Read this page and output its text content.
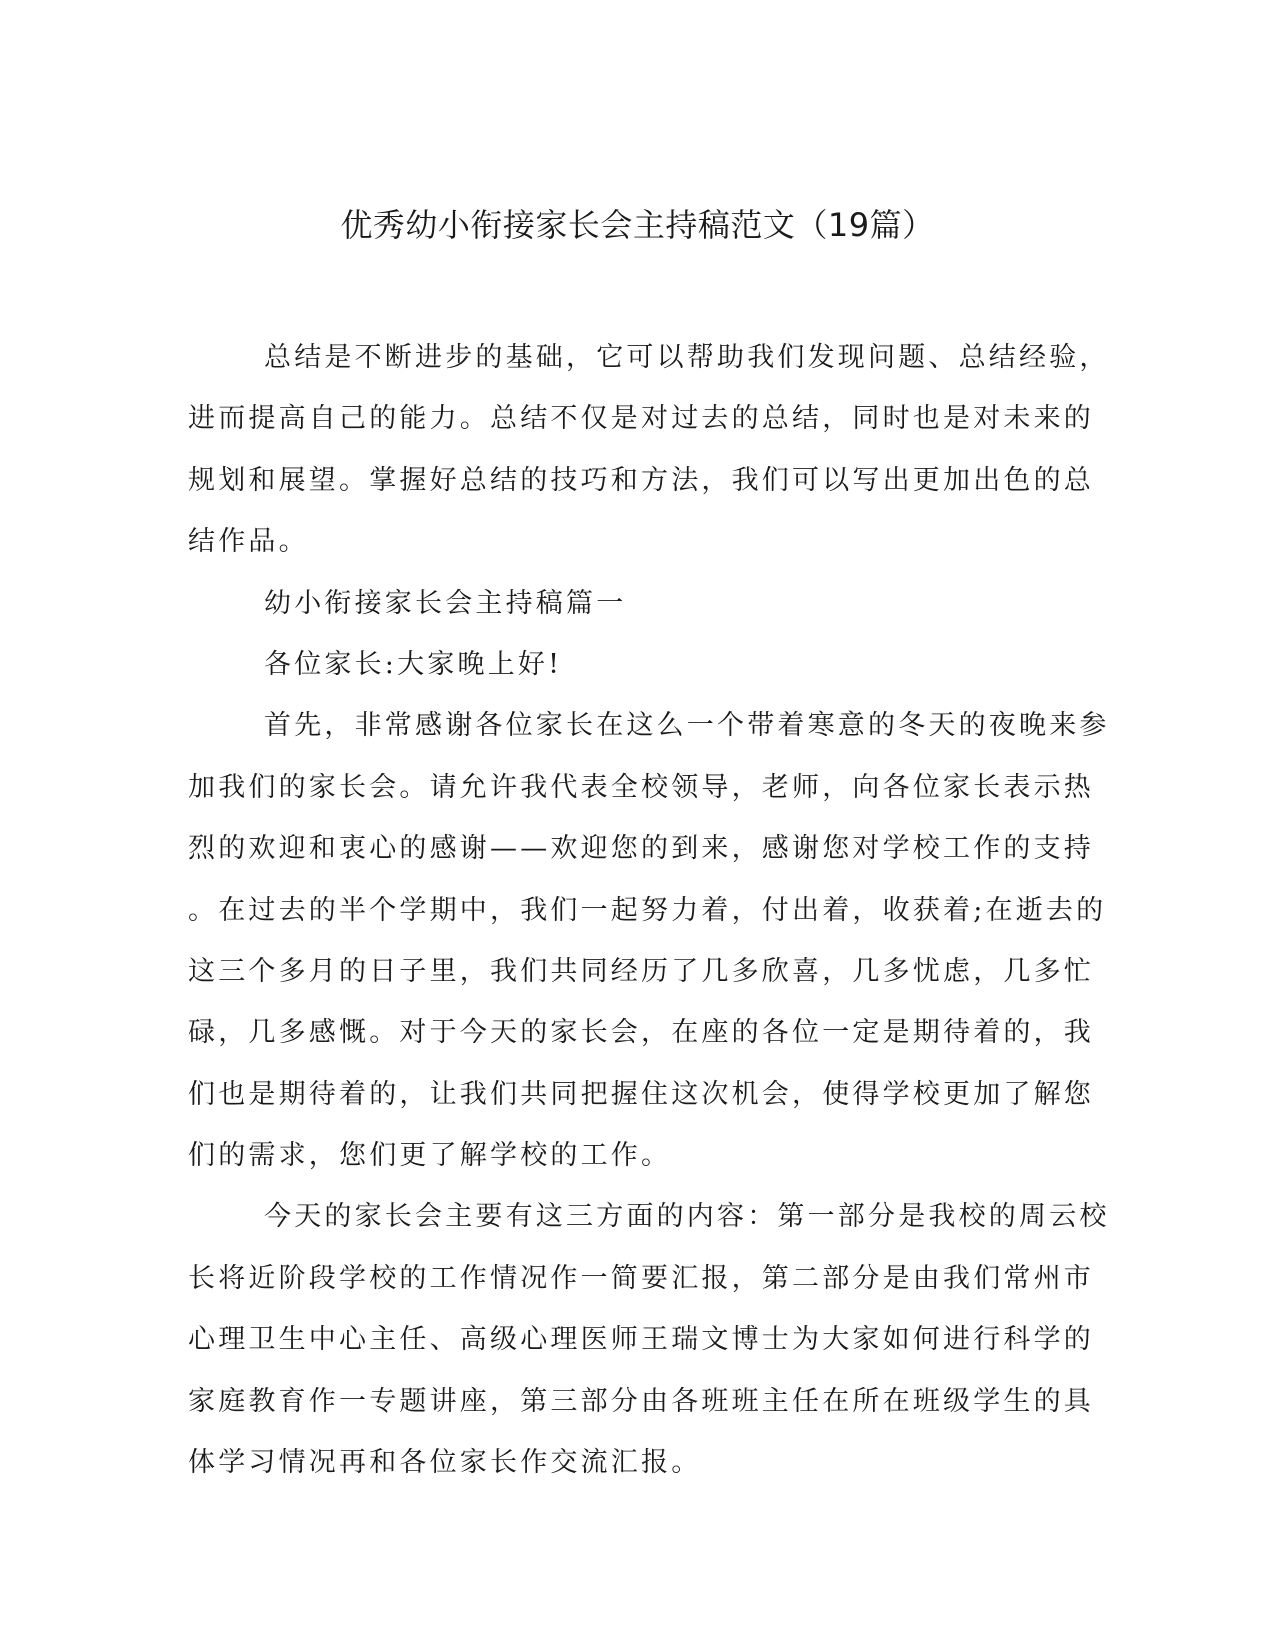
优秀幼小衔接家长会主持稿范文（19篇）
总结是不断进步的基础，它可以帮助我们发现问题、总结经验，
进而提高自己的能力。总结不仅是对过去的总结，同时也是对未来的
规划和展望。掌握好总结的技巧和方法，我们可以写出更加出色的总
结作品。
幼小衔接家长会主持稿篇一
各位家长:大家晚上好!
首先，非常感谢各位家长在这么一个带着寒意的冬天的夜晚来参
加我们的家长会。请允许我代表全校领导，老师，向各位家长表示热
烈的欢迎和衷心的感谢——欢迎您的到来，感谢您对学校工作的支持
。在过去的半个学期中，我们一起努力着，付出着，收获着;在逝去的
这三个多月的日子里，我们共同经历了几多欣喜，几多忧虑，几多忙
碌，几多感慨。对于今天的家长会，在座的各位一定是期待着的，我
们也是期待着的，让我们共同把握住这次机会，使得学校更加了解您
们的需求，您们更了解学校的工作。
今天的家长会主要有这三方面的内容：第一部分是我校的周云校
长将近阶段学校的工作情况作一简要汇报，第二部分是由我们常州市
心理卫生中心主任、高级心理医师王瑞文博士为大家如何进行科学的
家庭教育作一专题讲座，第三部分由各班班主任在所在班级学生的具
体学习情况再和各位家长作交流汇报。
